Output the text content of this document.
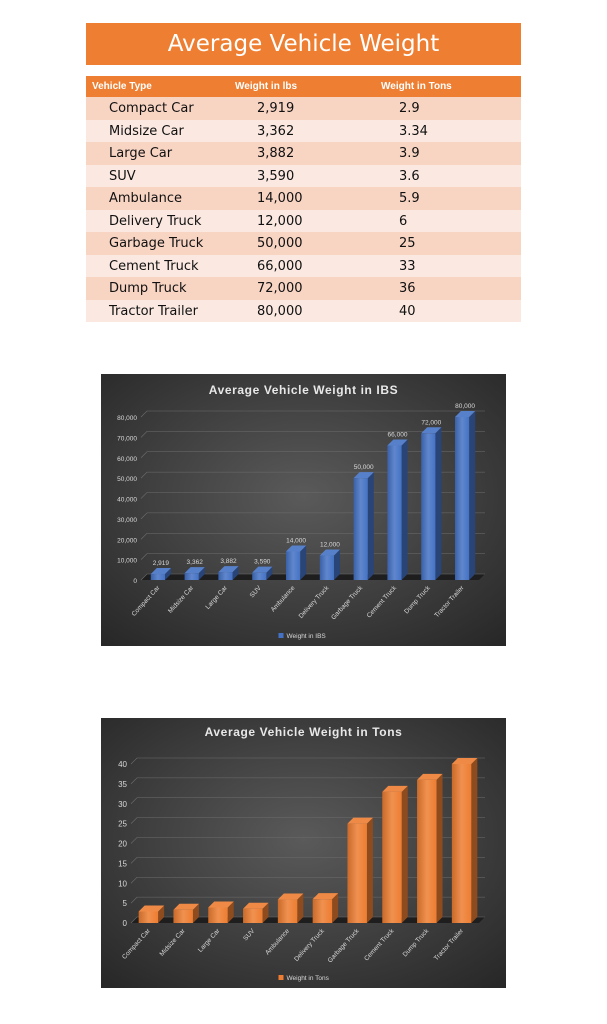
Average Vehicle Weight
Vehicle Type	Weight in lbs	Weight in Tons
Compact Car	2,919	2.9
Midsize Car	3,362	3.34
Large Car	3,882	3.9
SUV	3,590	3.6
Ambulance	14,000	5.9
Delivery Truck	12,000	6
Garbage Truck	50,000	25
Cement Truck	66,000	33
Dump Truck	72,000	36
Tractor Trailer	80,000	40
Average Vehicle Weight in IBS
0
10,000
20,000
30,000
40,000
50,000
60,000
70,000
80,000
2,919
Compact Car
3,362
Midsize Car
3,882
Large Car
3,590
SUV
14,000
Ambulance
12,000
Delivery Truck
50,000
Garbage Truck
66,000
Cement Truck
72,000
Dump Truck
80,000
Tractor Trailer
Weight in IBS
Average Vehicle Weight in Tons
0
5
10
15
20
25
30
35
40
Compact Car Midsize Car Large Car	SUV Ambulance Delivery Truck Garbage Truck Cement Truck Dump Truck Tractor Trailer
Weight in Tons
